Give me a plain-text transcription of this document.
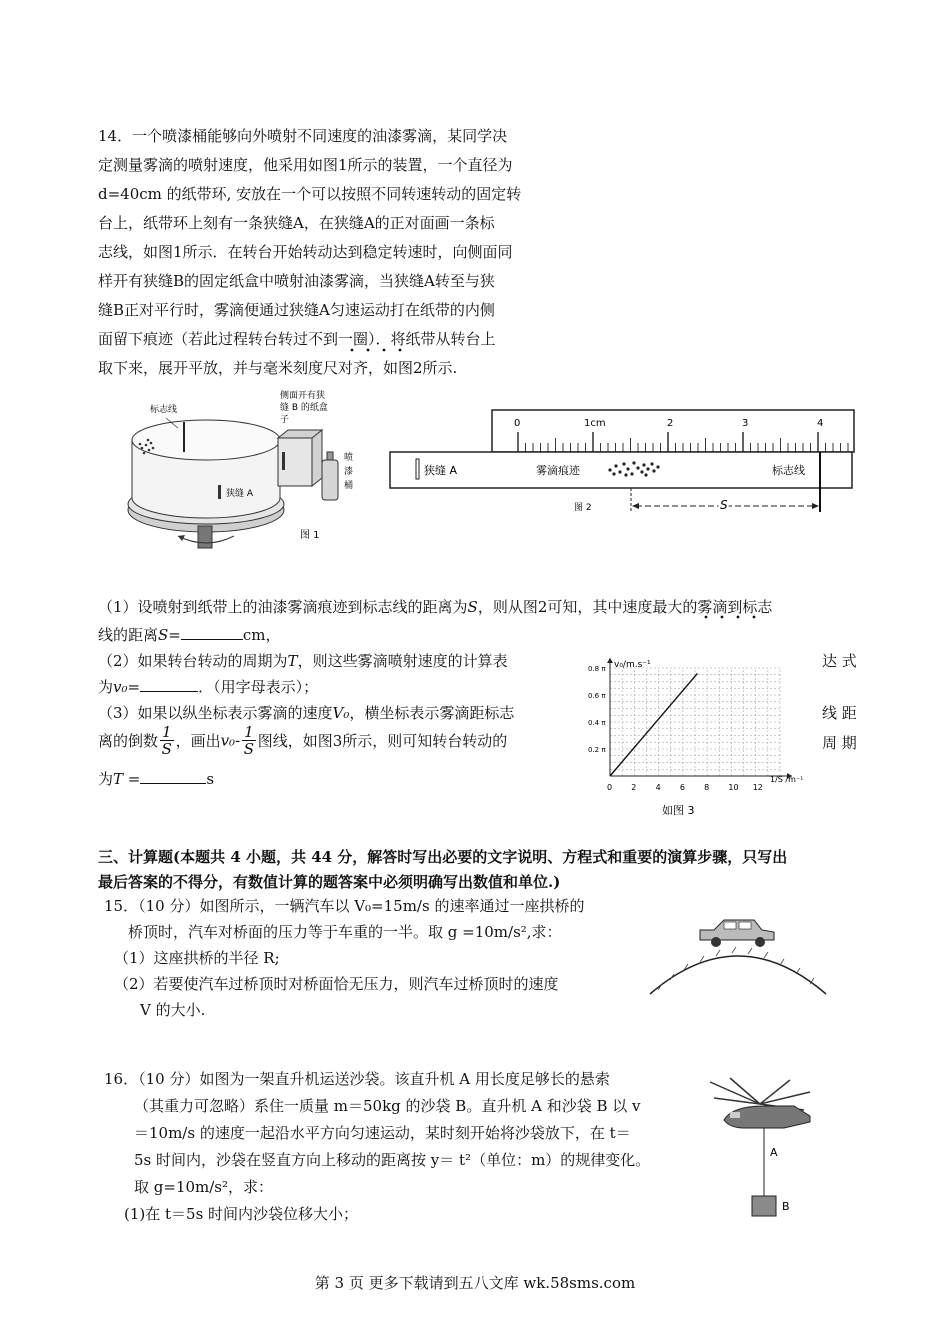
14．一个喷漆桶能够向外喷射不同速度的油漆雾滴，某同学决
定测量雾滴的喷射速度，他采用如图1所示的装置，一个直径为
d=40cm 的纸带环, 安放在一个可以按照不同转速转动的固定转
台上，纸带环上刻有一条狭缝A，在狭缝A的正对面画一条标
志线，如图1所示．在转台开始转动达到稳定转速时，向侧面同
样开有狭缝B的固定纸盒中喷射油漆雾滴，当狭缝A转至与狭
缝B正对平行时，雾滴便通过狭缝A匀速运动打在纸带的内侧
面留下痕迹（若此过程转台转过不到一圈）．将纸带从转台上
取下来，展开平放，并与毫米刻度尺对齐，如图2所示.
标志线
侧面开有狭
缝 B 的纸盒
子
喷
漆
桶
狭缝 A
图 1
0	1cm	2	3	4
狭缝 A	雾滴痕迹	标志线
S
图 2
（1）设喷射到纸带上的油漆雾滴痕迹到标志线的距离为S，则从图2可知，其中速度最大的雾滴到标志
线的距离S=	cm，
（2）如果转台转动的周期为T，则这些雾滴喷射速度的计算表	达 式
为v₀=	．（用字母表示）；
（3）如果以纵坐标表示雾滴的速度V₀，横坐标表示雾滴距标志	线 距
离的倒数 $\frac{1}{S}$ ，画出$v_0- \frac{1}{S}$ 图线，如图3所示，则可知转台转动的	周 期
为T =	s	0 2 4 6 8 10 12
0.2 π
0.4 π
0.6 π
0.8 π v₀/m.s⁻¹
1/S /m⁻¹
如图 3
三、计算题(本题共 4 小题，共 44 分，解答时写出必要的文字说明、方程式和重要的演算步骤，只写出
最后答案的不得分，有数值计算的题答案中必须明确写出数值和单位.)
15．（10 分）如图所示，一辆汽车以 V₀=15m/s 的速率通过一座拱桥的
桥顶时，汽车对桥面的压力等于车重的一半。取 g =10m/s²,求：
（1）这座拱桥的半径 R;
（2）若要使汽车过桥顶时对桥面恰无压力，则汽车过桥顶时的速度
V 的大小.
16．（10 分）如图为一架直升机运送沙袋。该直升机 A 用长度足够长的悬索
（其重力可忽略）系住一质量 m＝50kg 的沙袋 B。直升机 A 和沙袋 B 以 v
＝10m/s 的速度一起沿水平方向匀速运动，某时刻开始将沙袋放下，在 t＝
5s 时间内，沙袋在竖直方向上移动的距离按 y＝ t²（单位：m）的规律变化。
取 g=10m/s²，求：
(1)在 t＝5s 时间内沙袋位移大小；
A
B
第 3 页 更多下载请到五八文库 wk.58sms.com
